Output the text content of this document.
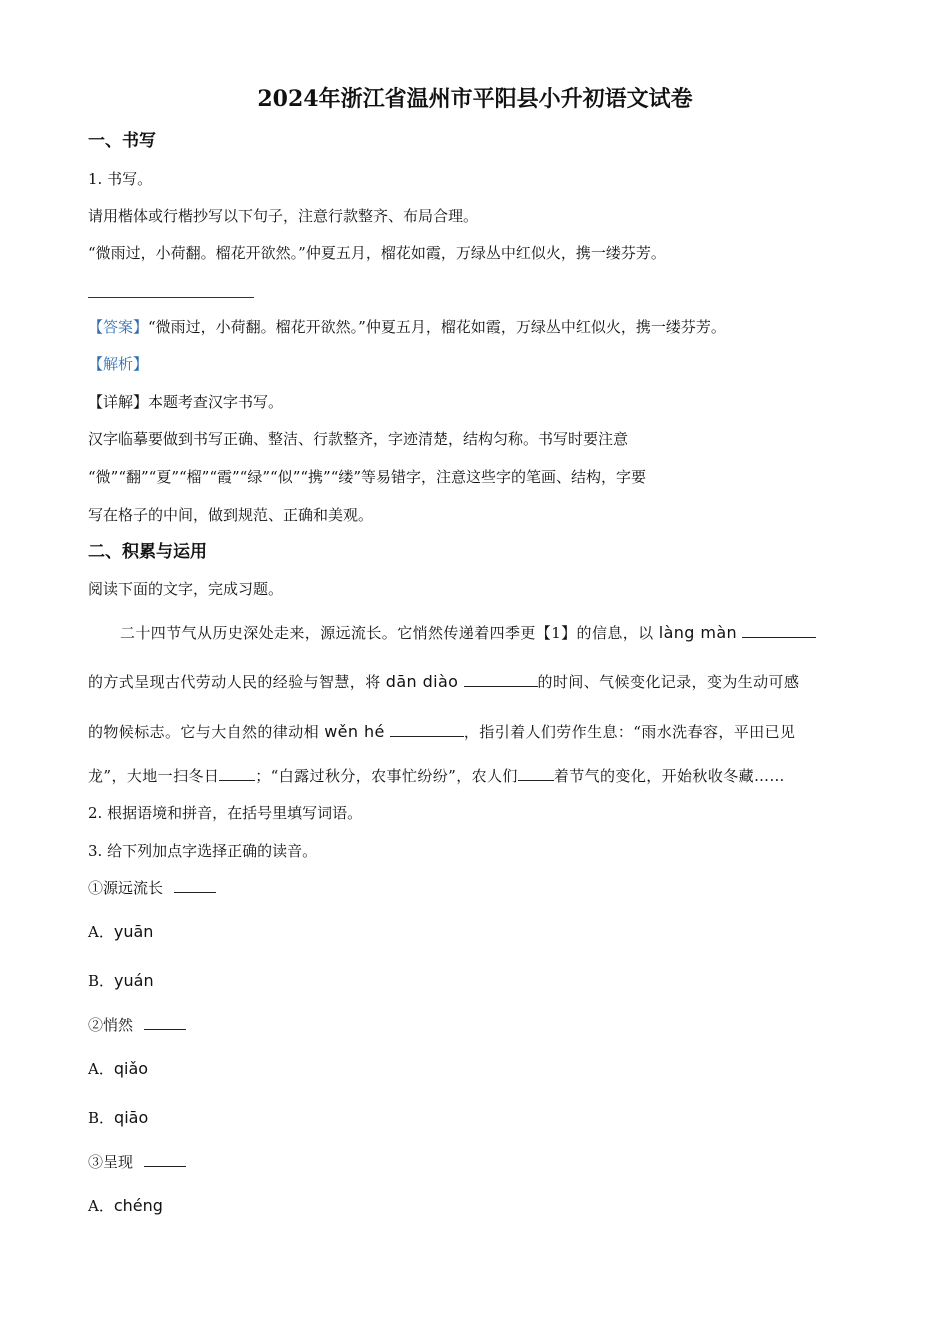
2024年浙江省温州市平阳县小升初语文试卷
一、书写
1. 书写。
请用楷体或行楷抄写以下句子，注意行款整齐、布局合理。
“微雨过，小荷翻。榴花开欲然。”仲夏五月，榴花如霞，万绿丛中红似火，携一缕芬芳。
【答案】“微雨过，小荷翻。榴花开欲然。”仲夏五月，榴花如霞，万绿丛中红似火，携一缕芬芳。
【解析】
【详解】本题考查汉字书写。
汉字临摹要做到书写正确、整洁、行款整齐，字迹清楚，结构匀称。书写时要注意
“微”“翻”“夏”“榴”“霞”“绿”“似”“携”“缕”等易错字，注意这些字的笔画、结构，字要
写在格子的中间，做到规范、正确和美观。
二、积累与运用
阅读下面的文字，完成习题。
二十四节气从历史深处走来，源远流长。它悄然传递着四季更【1】的信息，以 làng màn
的方式呈现古代劳动人民的经验与智慧，将 dān diào	的时间、气候变化记录，变为生动可感
的物候标志。它与大自然的律动相 wěn hé	，指引着人们劳作生息：“雨水洗春容，平田已见
龙”，大地一扫冬日 ；“白露过秋分，农事忙纷纷”，农人们 着节气的变化，开始秋收冬藏……
2. 根据语境和拼音，在括号里填写词语。
3. 给下列加点字选择正确的读音。
①源远流长
A．yuān
B．yuán
②悄然
A．qiǎo
B．qiāo
③呈现
A．chéng
